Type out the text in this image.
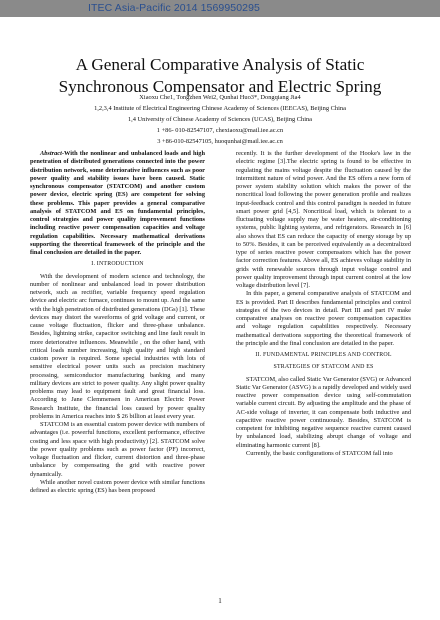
ITEC Asia-Pacific 2014 1569950295
A General Comparative Analysis of Static
Synchronous Compensator and Electric Spring
Xiaoxu Che1, Tongzhen Wei2, Qunhai Huo3*, Dongqiang Jia4
1,2,3,4 Institute of Electrical Engineering Chinese Academy of Sciences (IEECAS), Beijing China
1,4 University of Chinese Academy of Sciences (UCAS), Beijing China
1 +86- 010-82547107, chexiaoxu@mail.iee.ac.cn
3 +86-010-82547105, huoqunhai@mail.iee.ac.cn

Abstract-With the nonlinear and unbalanced loads and high penetration of distributed generations connected into the power distribution network, some deteriorative influences such as poor power quality and stability issues have been caused. Static synchronous compensator (STATCOM) and another custom power device, electric spring (ES) are competent for solving these problems. This paper provides a general comparative analysis of STATCOM and ES on fundamental principles, control strategies and power quality improvement functions including reactive power compensation capacities and voltage regulation capabilities. Necessary mathematical derivations supporting the theoretical framework of the principle and the final conclusion are detailed in the paper.

I. INTRODUCTION

With the development of modern science and technology, the number of nonlinear and unbalanced load in power distribution network, such as rectifier, variable frequency speed regulation device and electric arc furnace, continues to mount up. And the same with the high penetration of distributed generations (DGs) [1]. These devices may distort the waveforms of grid voltage and current, or cause voltage fluctuation, flicker and three-phase unbalance. Besides, lightning strike, capacitor switching and line fault result in more deteriorative influences. Meanwhile , on the other hand, with critical loads number increasing, high quality and high standard custom power is required. Some special industries with lots of sensitive electrical power units such as precision machinery processing, semiconductor manufacturing banking and many military devices are strict to power quality. Any slight power quality problems may lead to equipment fault and great financial loss. According to Jane Clemmensen in American Electric Power Research Institute, the financial loss caused by power quality problems in America reaches into $ 26 billion at least every year.

STATCOM is an essential custom power device with numbers of advantages (i.e. powerful functions, excellent performance, effective costing and less space with high productivity) [2]. STATCOM solve the power quality problems such as power factor (PF) incorrect, voltage fluctuation and flicker, current distortion and three-phase unbalance by compensating the grid with reactive power dynamically.

While another novel custom power device with similar functions defined as electric spring (ES) has been proposed

recently. It is the further development of the Hooke's law in the electric regime [3].The electric spring is found to be effective in regulating the mains voltage despite the fluctuation caused by the intermittent nature of wind power. And the ES offers a new form of power system stability solution which makes the power of the noncritical load following the power generation profile and realizes input-feedback control and this control paradigm is needed in future smart power grid [4,5]. Noncritical load, which is tolerant to a fluctuating voltage supply may be water heaters, air-conditioning systems, public lighting systems, and refrigerators. Research in [6] also shows that ES can reduce the capacity of energy storage by up to 50%. Besides, it can be perceived equivalently as a decentralized type of series reactive power compensators which has the power factor correction features. Above all, ES achieves voltage stability in grids with renewable sources through input voltage control and power quality improvement through input current control at the low voltage distribution level [7].

In this paper, a general comparative analysis of STATCOM and ES is provided. Part II describes fundamental principles and control strategies of the two devices in detail. Part III and part IV make comparative analyses on reactive power compensation capacities and voltage regulation capabilities respectively. Necessary mathematical derivations supporting the theoretical framework of the principle and the final conclusion are detailed in the paper.

II. FUNDAMENTAL PRINCIPLES AND CONTROL
STRATEGIES OF STATCOM AND ES

STATCOM, also called Static Var Generator (SVG) or Advanced Static Var Generator (ASVG) is a rapidly developed and widely used reactive power compensation device using self-commutation variable current circuit. By adjusting the amplitude and the phase of AC-side voltage of inverter, it can compensate both inductive and capacitive reactive power continuously. Besides, STATCOM is competent for inhibiting negative sequence reactive current caused by unbalanced load, stabilizing abrupt change of voltage and eliminating harmonic current [8].

Currently, the basic configurations of STATCOM fall into

1
